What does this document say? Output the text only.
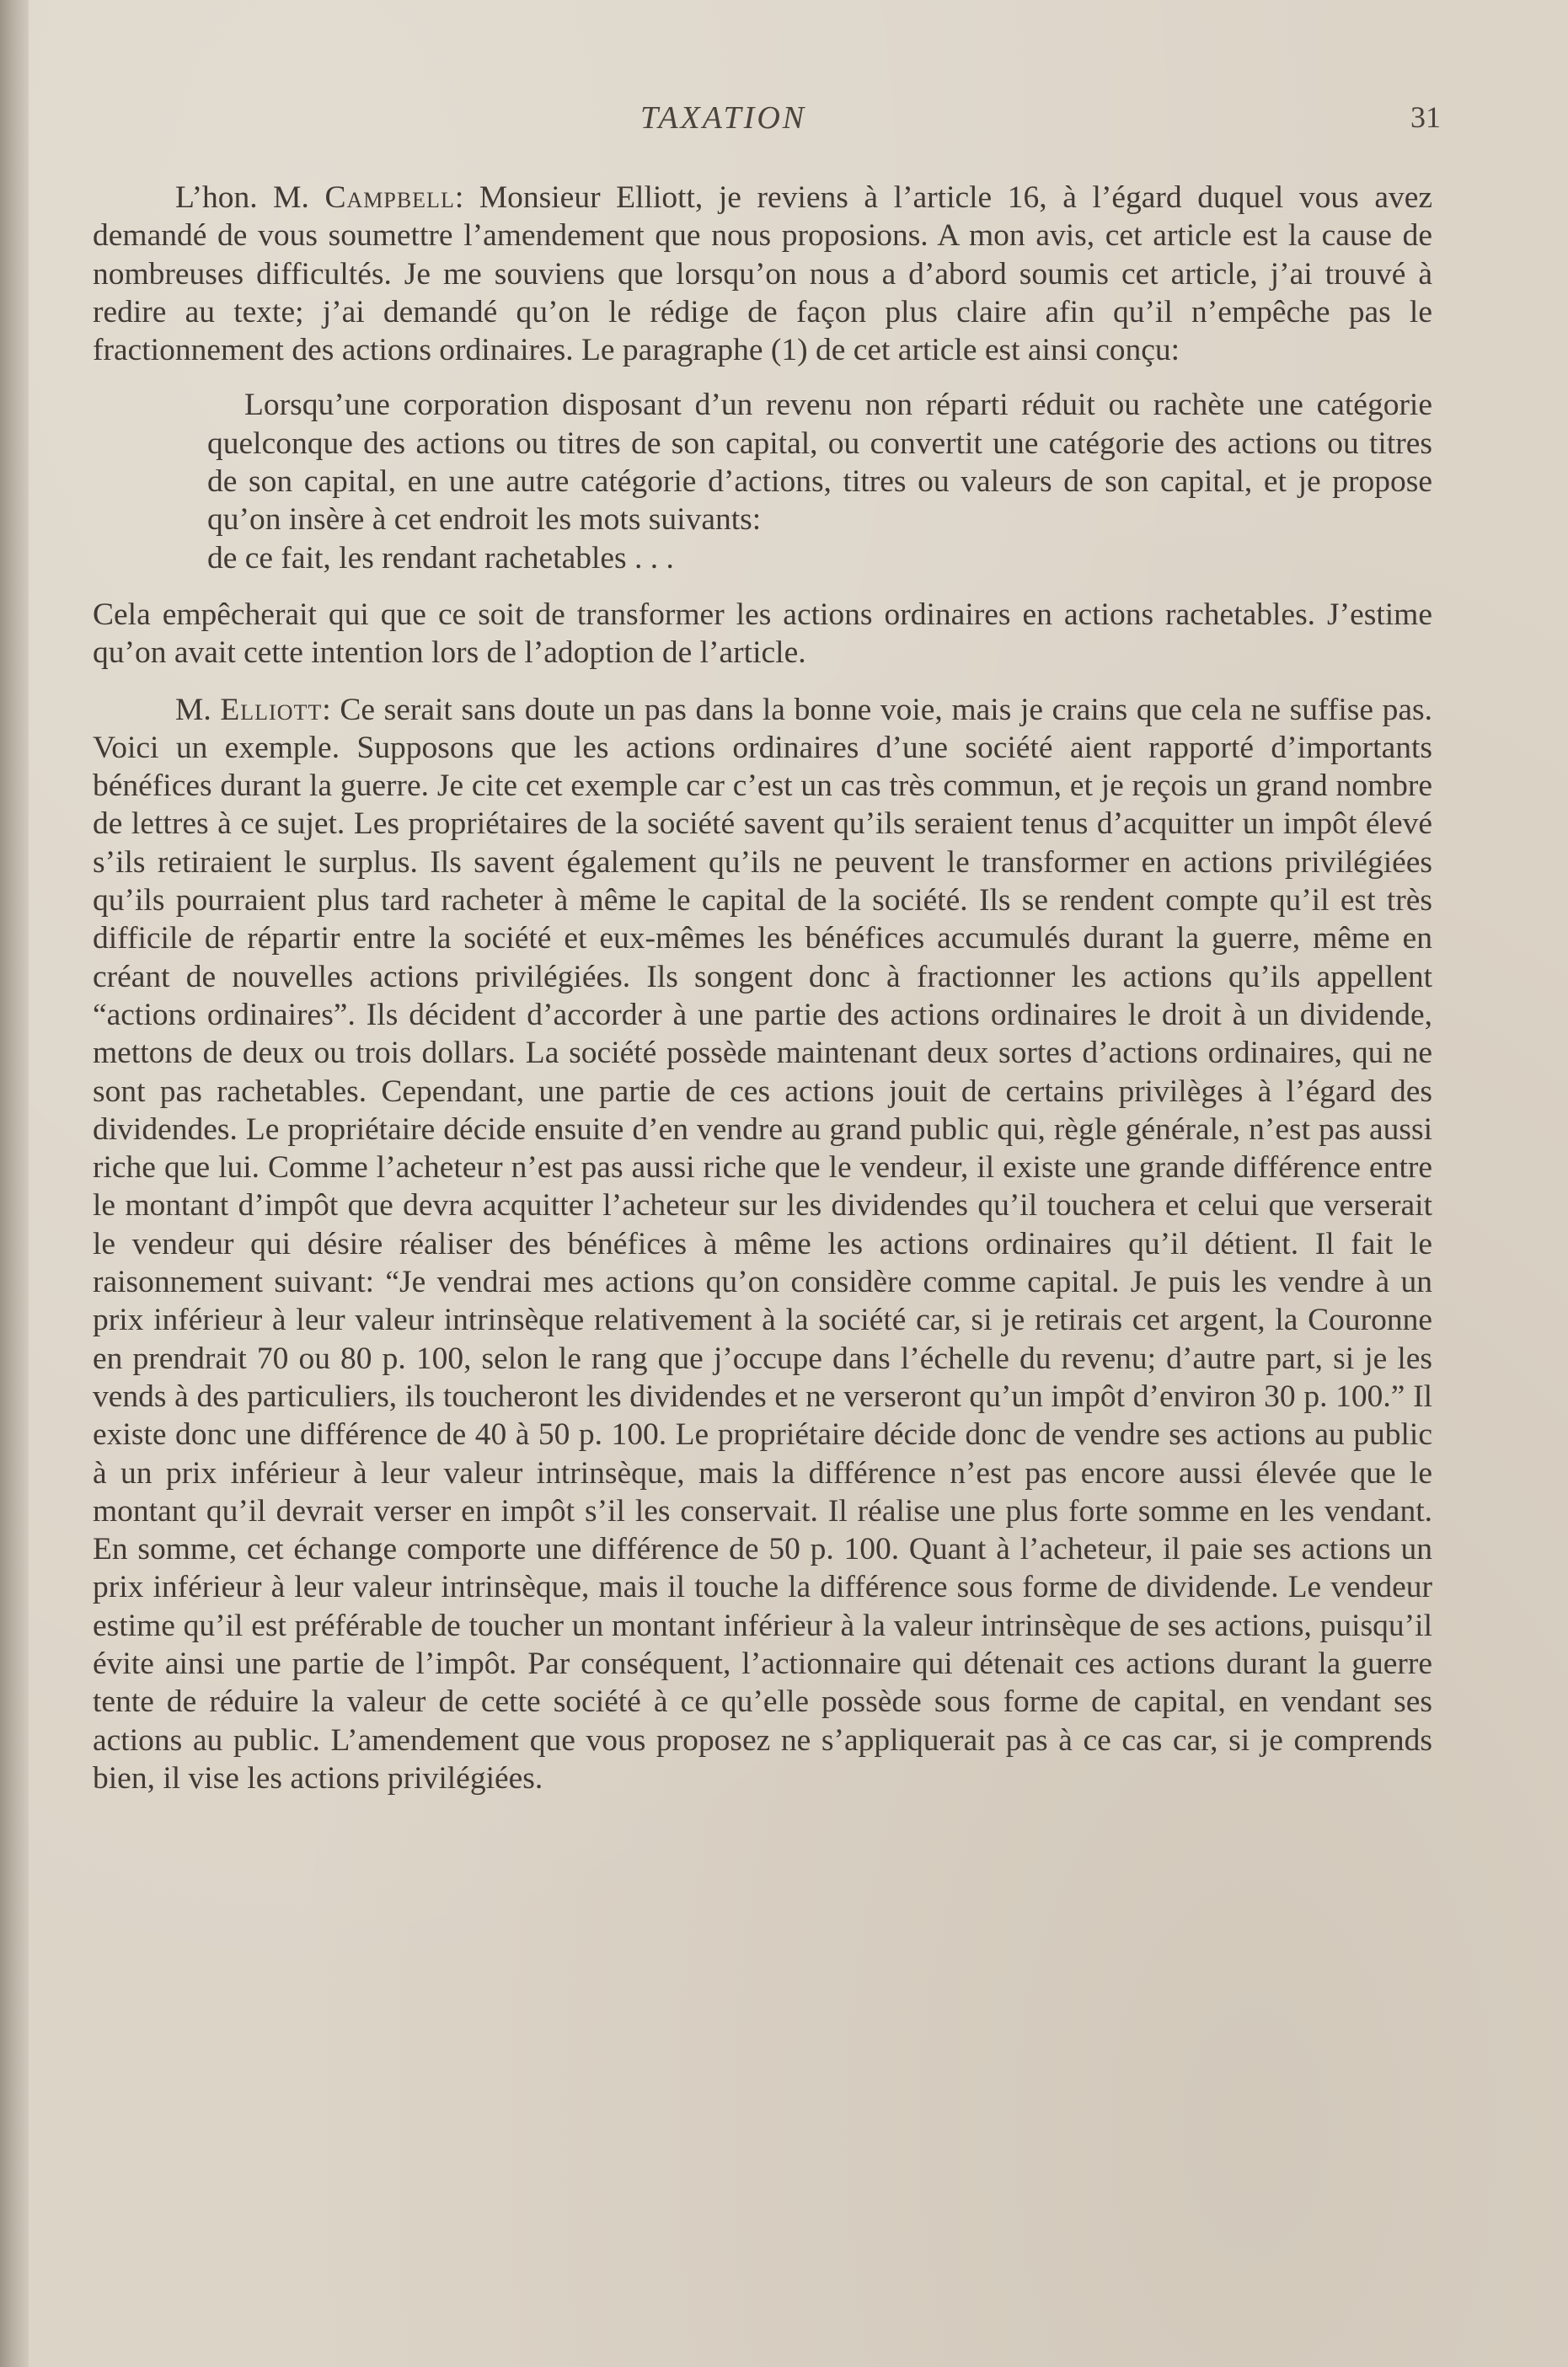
TAXATION	31

L’hon. M. Campbell: Monsieur Elliott, je reviens à l’article 16, à l’égard duquel vous avez demandé de vous soumettre l’amendement que nous proposions. A mon avis, cet article est la cause de nombreuses difficultés. Je me souviens que lorsqu’on nous a d’abord soumis cet article, j’ai trouvé à redire au texte; j’ai demandé qu’on le rédige de façon plus claire afin qu’il n’empêche pas le fractionnement des actions ordinaires. Le paragraphe (1) de cet article est ainsi conçu:

Lorsqu’une corporation disposant d’un revenu non réparti réduit ou rachète une catégorie quelconque des actions ou titres de son capital, ou convertit une catégorie des actions ou titres de son capital, en une autre catégorie d’actions, titres ou valeurs de son capital, et je propose qu’on insère à cet endroit les mots suivants:
de ce fait, les rendant rachetables . . .

Cela empêcherait qui que ce soit de transformer les actions ordinaires en actions rachetables. J’estime qu’on avait cette intention lors de l’adoption de l’article.

M. Elliott: Ce serait sans doute un pas dans la bonne voie, mais je crains que cela ne suffise pas. Voici un exemple. Supposons que les actions ordinaires d’une société aient rapporté d’importants bénéfices durant la guerre. Je cite cet exemple car c’est un cas très commun, et je reçois un grand nombre de lettres à ce sujet. Les propriétaires de la société savent qu’ils seraient tenus d’acquitter un impôt élevé s’ils retiraient le surplus. Ils savent également qu’ils ne peuvent le transformer en actions privilégiées qu’ils pourraient plus tard racheter à même le capital de la société. Ils se rendent compte qu’il est très difficile de répartir entre la société et eux-mêmes les bénéfices accumulés durant la guerre, même en créant de nouvelles actions privilégiées. Ils songent donc à fractionner les actions qu’ils appellent “actions ordinaires”. Ils décident d’accorder à une partie des actions ordinaires le droit à un dividende, mettons de deux ou trois dollars. La société possède maintenant deux sortes d’actions ordinaires, qui ne sont pas rachetables. Cependant, une partie de ces actions jouit de certains privilèges à l’égard des dividendes. Le propriétaire décide ensuite d’en vendre au grand public qui, règle générale, n’est pas aussi riche que lui. Comme l’acheteur n’est pas aussi riche que le vendeur, il existe une grande différence entre le montant d’impôt que devra acquitter l’acheteur sur les dividendes qu’il touchera et celui que verserait le vendeur qui désire réaliser des bénéfices à même les actions ordinaires qu’il détient. Il fait le raisonnement suivant: “Je vendrai mes actions qu’on considère comme capital. Je puis les vendre à un prix inférieur à leur valeur intrinsèque relativement à la société car, si je retirais cet argent, la Couronne en prendrait 70 ou 80 p. 100, selon le rang que j’occupe dans l’échelle du revenu; d’autre part, si je les vends à des particuliers, ils toucheront les dividendes et ne verseront qu’un impôt d’environ 30 p. 100.” Il existe donc une différence de 40 à 50 p. 100. Le propriétaire décide donc de vendre ses actions au public à un prix inférieur à leur valeur intrinsèque, mais la différence n’est pas encore aussi élevée que le montant qu’il devrait verser en impôt s’il les conservait. Il réalise une plus forte somme en les vendant. En somme, cet échange comporte une différence de 50 p. 100. Quant à l’acheteur, il paie ses actions un prix inférieur à leur valeur intrinsèque, mais il touche la différence sous forme de dividende. Le vendeur estime qu’il est préférable de toucher un montant inférieur à la valeur intrinsèque de ses actions, puisqu’il évite ainsi une partie de l’impôt. Par conséquent, l’actionnaire qui détenait ces actions durant la guerre tente de réduire la valeur de cette société à ce qu’elle possède sous forme de capital, en vendant ses actions au public. L’amendement que vous proposez ne s’appliquerait pas à ce cas car, si je comprends bien, il vise les actions privilégiées.
